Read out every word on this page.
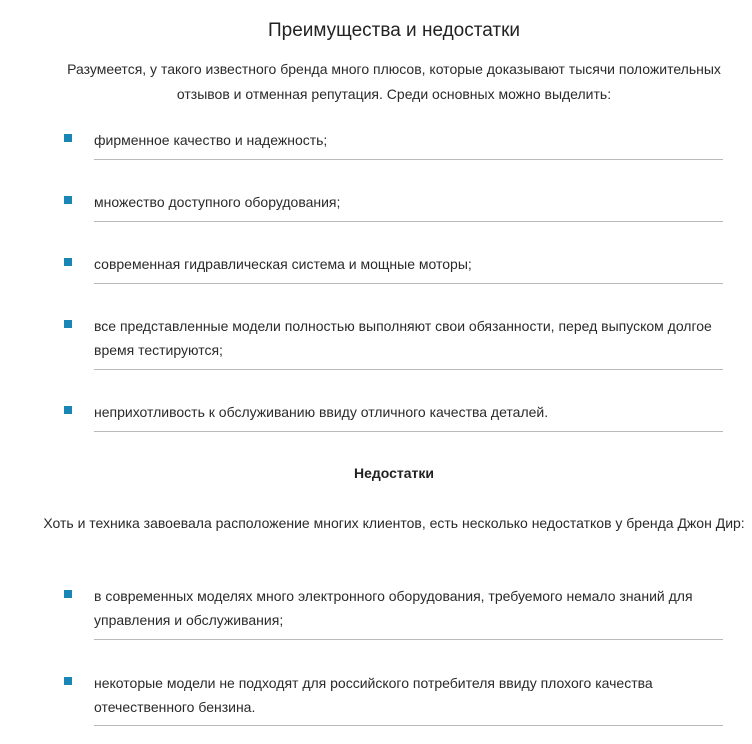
Преимущества и недостатки

Разумеется, у такого известного бренда много плюсов, которые доказывают тысячи положительных отзывов и отменная репутация. Среди основных можно выделить:

фирменное качество и надежность;
множество доступного оборудования;
современная гидравлическая система и мощные моторы;
все представленные модели полностью выполняют свои обязанности, перед выпуском долгое время тестируются;
неприхотливость к обслуживанию ввиду отличного качества деталей.
Недостатки

Хоть и техника завоевала расположение многих клиентов, есть несколько недостатков у бренда Джон Дир:

в современных моделях много электронного оборудования, требуемого немало знаний для управления и обслуживания;
некоторые модели не подходят для российского потребителя ввиду плохого качества отечественного бензина.
